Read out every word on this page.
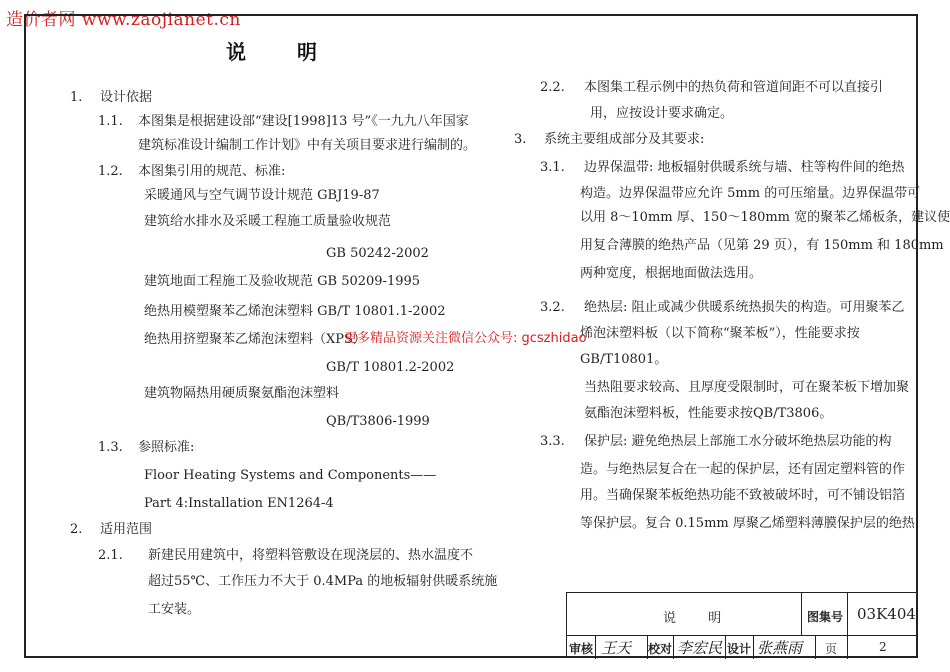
造价者网 www.zaojianet.cn
说 明
1. 设计依据
1.1. 本图集是根据建设部“建设[1998]13 号”《一九九八年国家
建筑标准设计编制工作计划》中有关项目要求进行编制的。
1.2. 本图集引用的规范、标准:
采暖通风与空气调节设计规范 GBJ19-87
建筑给水排水及采暖工程施工质量验收规范
GB 50242-2002
建筑地面工程施工及验收规范 GB 50209-1995
绝热用模塑聚苯乙烯泡沫塑料 GB/T 10801.1-2002
绝热用挤塑聚苯乙烯泡沫塑料（XPS）
GB/T 10801.2-2002
建筑物隔热用硬质聚氨酯泡沫塑料
QB/T3806-1999
1.3. 参照标准:
Floor Heating Systems and Components——
Part 4:Installation EN1264-4
2. 适用范围
2.1. 新建民用建筑中，将塑料管敷设在现浇层的、热水温度不
超过55℃、工作压力不大于 0.4MPa 的地板辐射供暖系统施
工安装。
2.2. 本图集工程示例中的热负荷和管道间距不可以直接引
用，应按设计要求确定。
3. 系统主要组成部分及其要求:
3.1. 边界保温带: 地板辐射供暖系统与墙、柱等构件间的绝热
构造。边界保温带应允许 5mm 的可压缩量。边界保温带可
以用 8～10mm 厚、150～180mm 宽的聚苯乙烯板条，建议使
用复合薄膜的绝热产品（见第 29 页），有 150mm 和 180mm
两种宽度，根据地面做法选用。
3.2. 绝热层: 阻止或减少供暖系统热损失的构造。可用聚苯乙
烯泡沫塑料板（以下简称“聚苯板”），性能要求按
GB/T10801。
当热阻要求较高、且厚度受限制时，可在聚苯板下增加聚
氨酯泡沫塑料板，性能要求按QB/T3806。
3.3. 保护层: 避免绝热层上部施工水分破坏绝热层功能的构
造。与绝热层复合在一起的保护层，还有固定塑料管的作
用。当确保聚苯板绝热功能不致被破坏时，可不铺设铝箔
等保护层。复合 0.15mm 厚聚乙烯塑料薄膜保护层的绝热
更多精品资源关注微信公众号: gcszhidao
说 明	图集号 03K404
审核 王天 校对 李宏民 设计 张燕雨 页	2
